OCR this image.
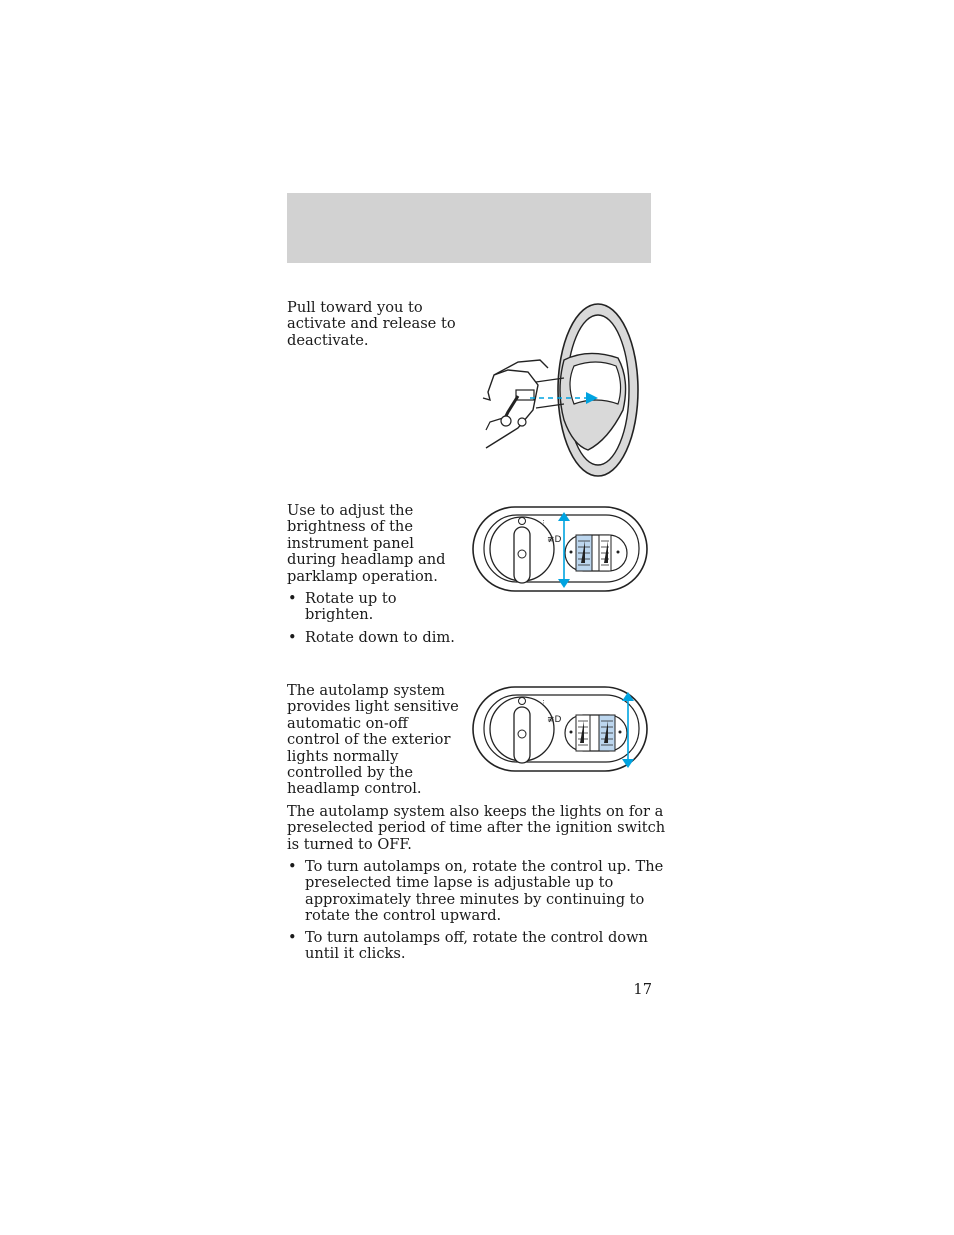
Pull toward you to
activate and release to
deactivate.
Use to adjust the
brightness of the
instrument panel
during headlamp and
parklamp operation.
• Rotate up to
brighten.
• Rotate down to dim.
≢D
⋮
The autolamp system
provides light sensitive
automatic on-off
control of the exterior
lights normally
controlled by the
headlamp control.
≢D
⋮
The autolamp system also keeps the lights on for a
preselected period of time after the ignition switch
is turned to OFF.
• To turn autolamps on, rotate the control up. The
preselected time lapse is adjustable up to
approximately three minutes by continuing to
rotate the control upward.
• To turn autolamps off, rotate the control down
until it clicks.
17
